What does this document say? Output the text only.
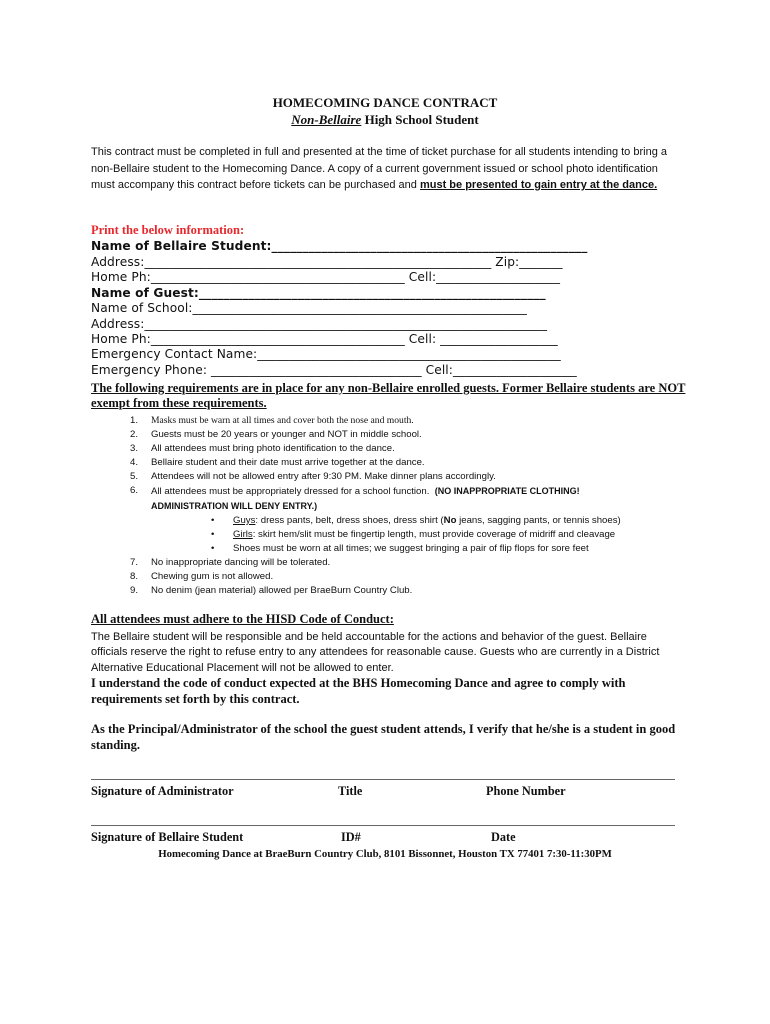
HOMECOMING DANCE CONTRACT
Non-Bellaire High School Student
This contract must be completed in full and presented at the time of ticket purchase for all students intending to bring a non-Bellaire student to the Homecoming Dance. A copy of a current government issued or school photo identification must accompany this contract before tickets can be purchased and must be presented to gain entry at the dance.
Print the below information:
Name of Bellaire Student:___________________________________________________
Address:________________________________________________________ Zip:_______
Home Ph:_________________________________________ Cell:____________________
Name of Guest:________________________________________________________
Name of School:______________________________________________________
Address:_________________________________________________________________
Home Ph:_________________________________________ Cell: ___________________
Emergency Contact Name:_________________________________________________
Emergency Phone: __________________________________ Cell:____________________
The following requirements are in place for any non-Bellaire enrolled guests. Former Bellaire students are NOT exempt from these requirements.
1. Masks must be warn at all times and cover both the nose and mouth.
2. Guests must be 20 years or younger and NOT in middle school.
3. All attendees must bring photo identification to the dance.
4. Bellaire student and their date must arrive together at the dance.
5. Attendees will not be allowed entry after 9:30 PM. Make dinner plans accordingly.
6. All attendees must be appropriately dressed for a school function. (NO INAPPROPRIATE CLOTHING! ADMINISTRATION WILL DENY ENTRY.)
• Guys: dress pants, belt, dress shoes, dress shirt (No jeans, sagging pants, or tennis shoes)
• Girls: skirt hem/slit must be fingertip length, must provide coverage of midriff and cleavage
• Shoes must be worn at all times; we suggest bringing a pair of flip flops for sore feet
7. No inappropriate dancing will be tolerated.
8. Chewing gum is not allowed.
9. No denim (jean material) allowed per BraeBurn Country Club.
All attendees must adhere to the HISD Code of Conduct:
The Bellaire student will be responsible and be held accountable for the actions and behavior of the guest. Bellaire officials reserve the right to refuse entry to any attendees for reasonable cause. Guests who are currently in a District Alternative Educational Placement will not be allowed to enter.
I understand the code of conduct expected at the BHS Homecoming Dance and agree to comply with requirements set forth by this contract.
As the Principal/Administrator of the school the guest student attends, I verify that he/she is a student in good standing.
Signature of Administrator	Title	Phone Number
Signature of Bellaire Student	ID#	Date
Homecoming Dance at BraeBurn Country Club, 8101 Bissonnet, Houston TX 77401 7:30-11:30PM
